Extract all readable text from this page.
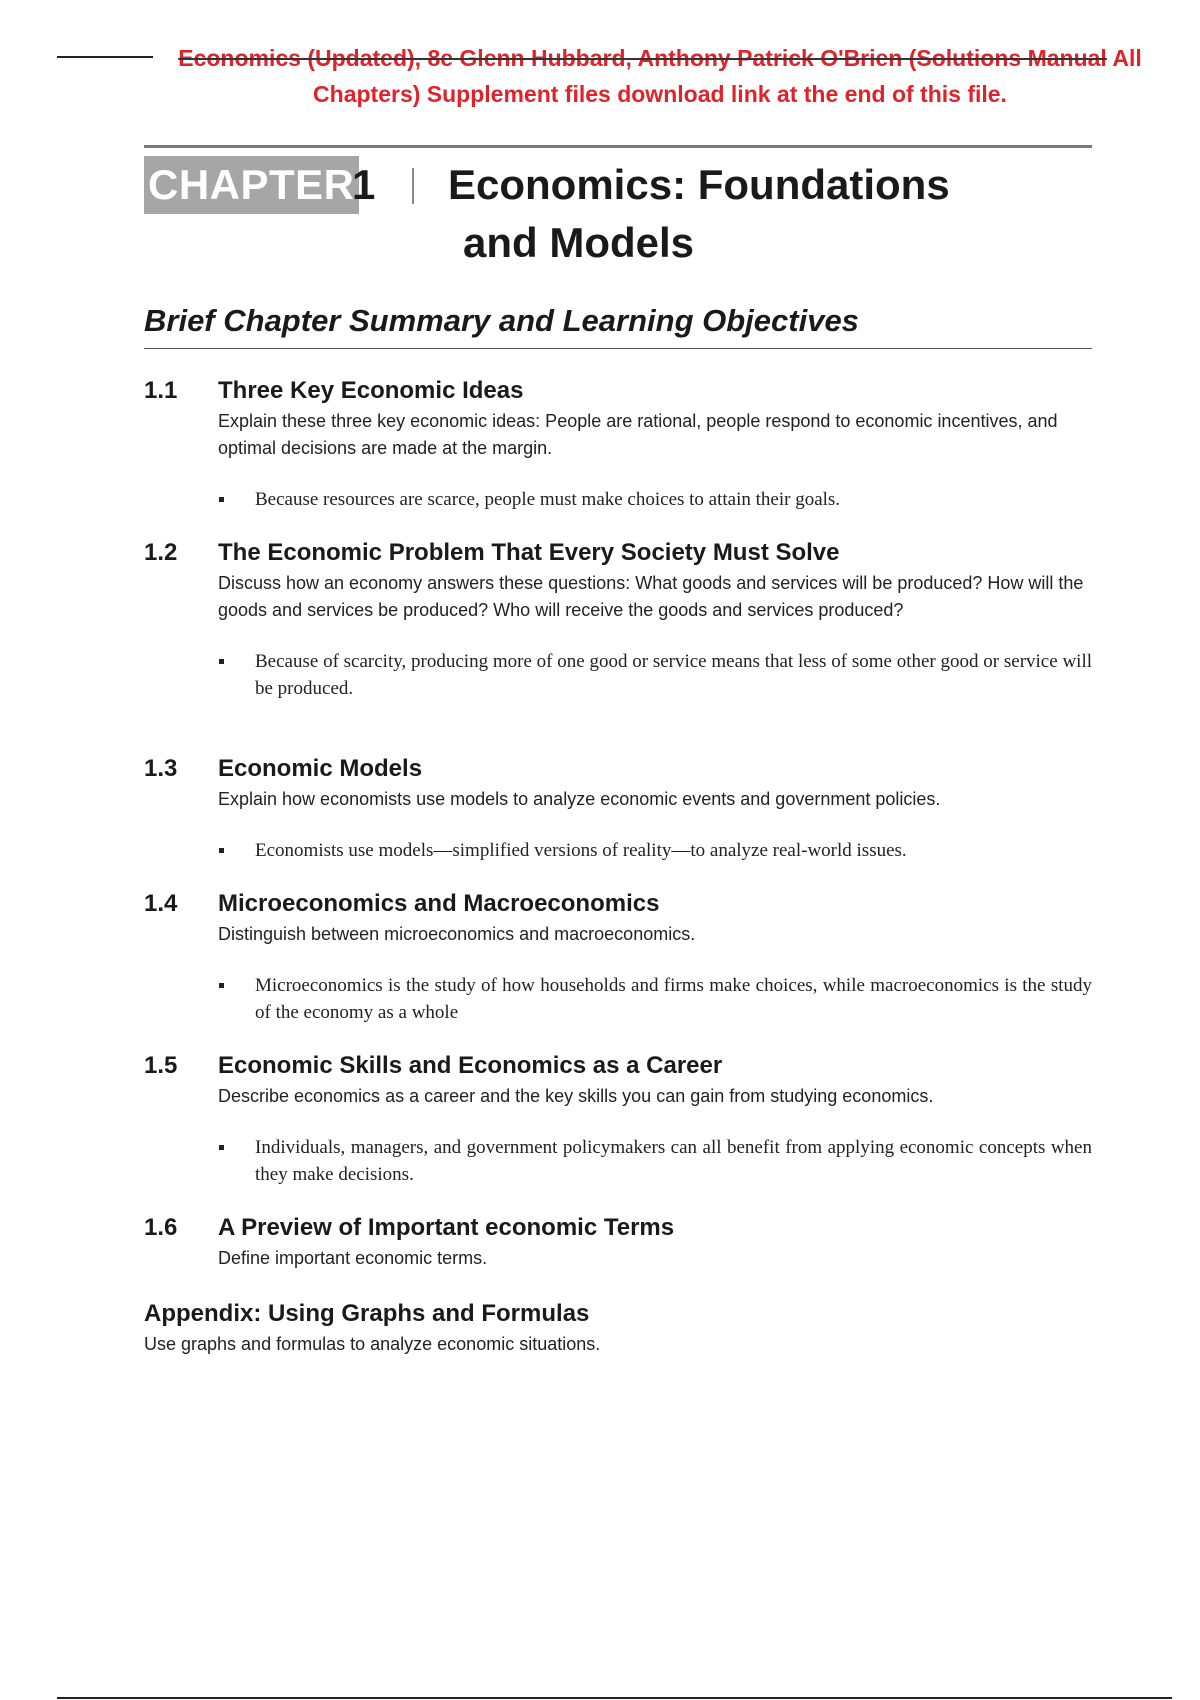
Economics (Updated), 8e Glenn Hubbard, Anthony Patrick O'Brien (Solutions Manual All
Chapters) Supplement files download link at the end of this file.
CHAPTER
1 Economics: Foundations
and Models
Brief Chapter Summary and Learning Objectives
1.1 Three Key Economic Ideas
Explain these three key economic ideas: People are rational, people respond to economic incentives, and optimal decisions are made at the margin.
Because resources are scarce, people must make choices to attain their goals.
1.2 The Economic Problem That Every Society Must Solve
Discuss how an economy answers these questions: What goods and services will be produced? How will the goods and services be produced? Who will receive the goods and services produced?
Because of scarcity, producing more of one good or service means that less of some other good or service will be produced.
1.3 Economic Models
Explain how economists use models to analyze economic events and government policies.
Economists use models—simplified versions of reality—to analyze real-world issues.
1.4 Microeconomics and Macroeconomics
Distinguish between microeconomics and macroeconomics.
Microeconomics is the study of how households and firms make choices, while macroeconomics is the study of the economy as a whole
1.5 Economic Skills and Economics as a Career
Describe economics as a career and the key skills you can gain from studying economics.
Individuals, managers, and government policymakers can all benefit from applying economic concepts when they make decisions.
1.6 A Preview of Important economic Terms
Define important economic terms.
Appendix: Using Graphs and Formulas
Use graphs and formulas to analyze economic situations.
